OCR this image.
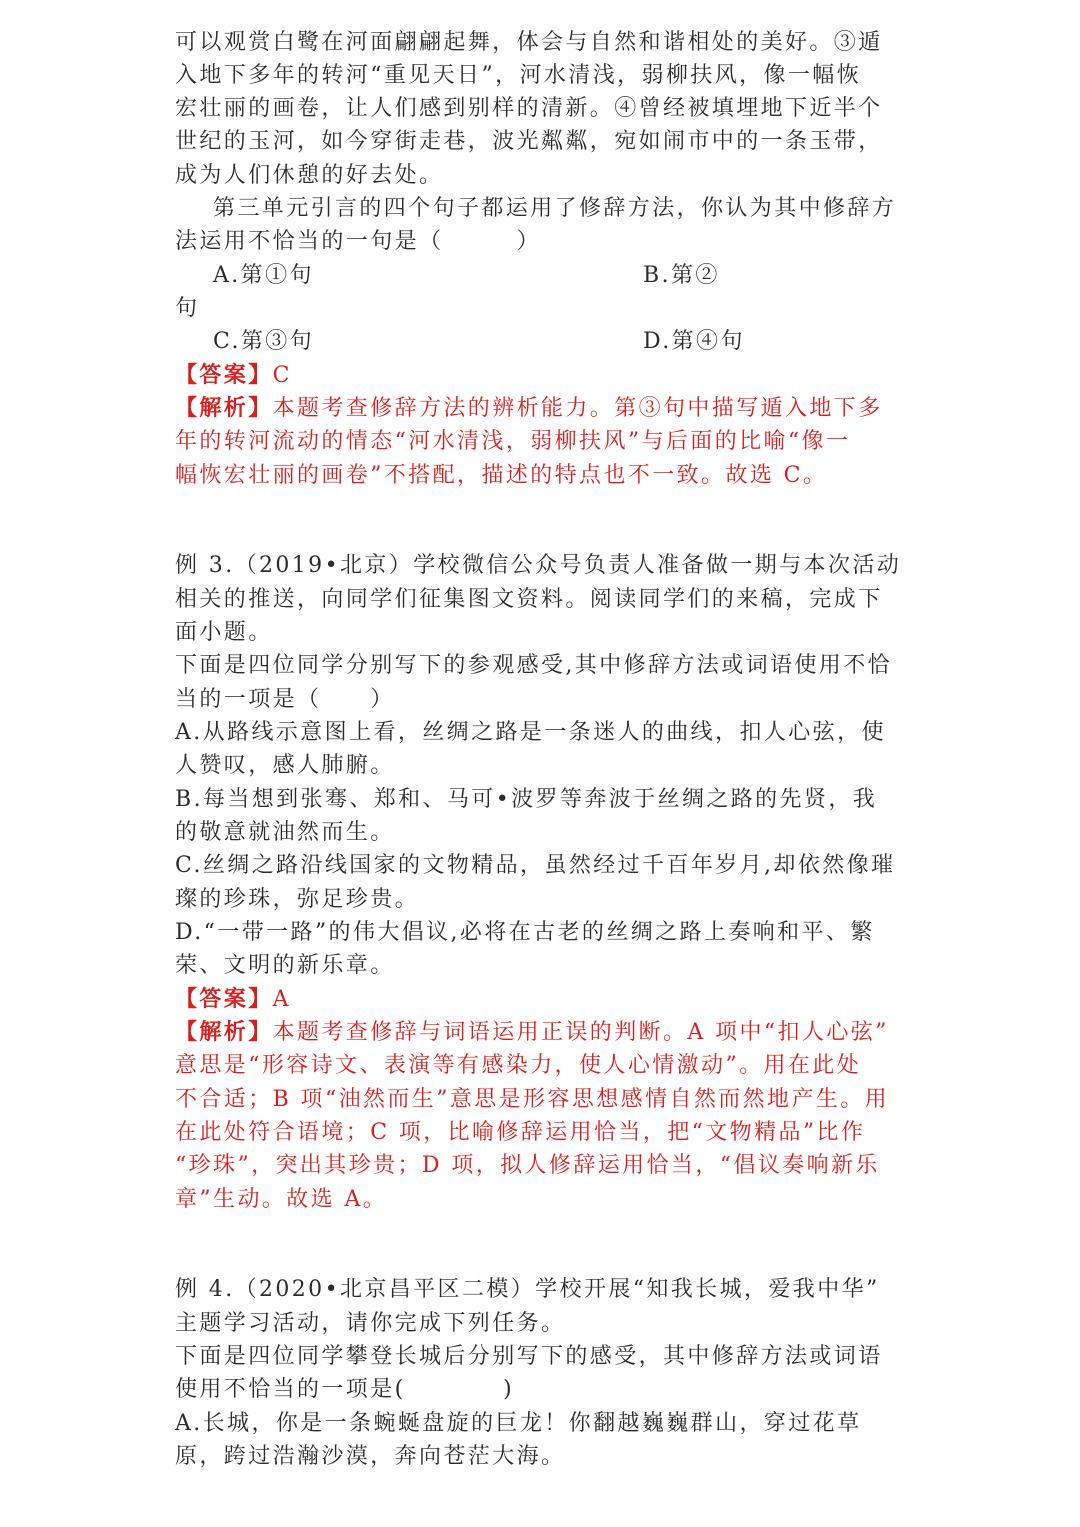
可以观赏白鹭在河面翩翩起舞，体会与自然和谐相处的美好。③遁
入地下多年的转河“重见天日”，河水清浅，弱柳扶风，像一幅恢
宏壮丽的画卷，让人们感到别样的清新。④曾经被填埋地下近半个
世纪的玉河，如今穿街走巷，波光粼粼，宛如闹市中的一条玉带，
成为人们休憩的好去处。
第三单元引言的四个句子都运用了修辞方法，你认为其中修辞方
法运用不恰当的一句是（　　　）
A.第①句	B.第②
句
C.第③句	D.第④句
【答案】C
【解析】本题考查修辞方法的辨析能力。第③句中描写遁入地下多
年的转河流动的情态“河水清浅，弱柳扶风”与后面的比喻“像一
幅恢宏壮丽的画卷”不搭配，描述的特点也不一致。故选 C。
例 3.（2019•北京）学校微信公众号负责人准备做一期与本次活动
相关的推送，向同学们征集图文资料。阅读同学们的来稿，完成下
面小题。
下面是四位同学分别写下的参观感受,其中修辞方法或词语使用不恰
当的一项是（　　）
A.从路线示意图上看，丝绸之路是一条迷人的曲线，扣人心弦，使
人赞叹，感人肺腑。
B.每当想到张骞、郑和、马可•波罗等奔波于丝绸之路的先贤，我
的敬意就油然而生。
C.丝绸之路沿线国家的文物精品，虽然经过千百年岁月,却依然像璀
璨的珍珠，弥足珍贵。
D.“一带一路”的伟大倡议,必将在古老的丝绸之路上奏响和平、繁
荣、文明的新乐章。
【答案】A
【解析】本题考查修辞与词语运用正误的判断。A 项中“扣人心弦”
意思是“形容诗文、表演等有感染力，使人心情激动”。用在此处
不合适；B 项“油然而生”意思是形容思想感情自然而然地产生。用
在此处符合语境；C 项，比喻修辞运用恰当，把“文物精品”比作
“珍珠”，突出其珍贵；D 项，拟人修辞运用恰当，“倡议奏响新乐
章”生动。故选 A。
例 4.（2020•北京昌平区二模）学校开展“知我长城，爱我中华”
主题学习活动，请你完成下列任务。
下面是四位同学攀登长城后分别写下的感受，其中修辞方法或词语
使用不恰当的一项是(　　　　)
A.长城，你是一条蜿蜒盘旋的巨龙！你翻越巍巍群山，穿过花草
原，跨过浩瀚沙漠，奔向苍茫大海。
